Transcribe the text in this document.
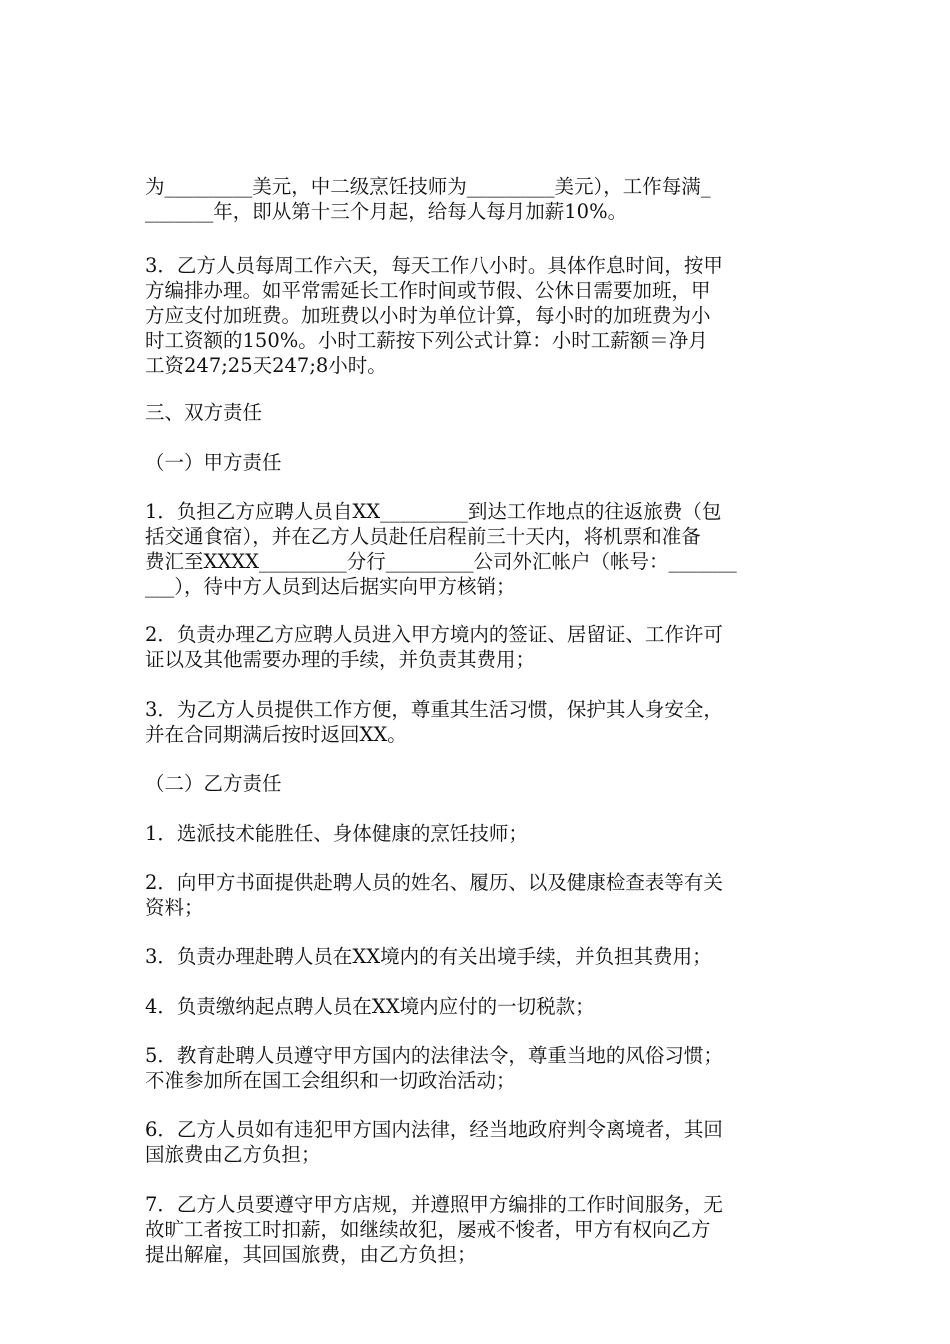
为_________美元，中二级烹饪技师为_________美元），工作每满_
_______年，即从第十三个月起，给每人每月加薪10%。

3．乙方人员每周工作六天，每天工作八小时。具体作息时间，按甲
方编排办理。如平常需延长工作时间或节假、公休日需要加班，甲
方应支付加班费。加班费以小时为单位计算，每小时的加班费为小
时工资额的150%。小时工薪按下列公式计算：小时工薪额＝净月
工资247;25天247;8小时。

三、双方责任

（一）甲方责任

1．负担乙方应聘人员自XX_________到达工作地点的往返旅费（包
括交通食宿），并在乙方人员赴任启程前三十天内，将机票和准备
费汇至XXXX_________分行_________公司外汇帐户（帐号：_______
___），待中方人员到达后据实向甲方核销；

2．负责办理乙方应聘人员进入甲方境内的签证、居留证、工作许可
证以及其他需要办理的手续，并负责其费用；

3．为乙方人员提供工作方便，尊重其生活习惯，保护其人身安全，
并在合同期满后按时返回XX。

（二）乙方责任

1．选派技术能胜任、身体健康的烹饪技师；

2．向甲方书面提供赴聘人员的姓名、履历、以及健康检查表等有关
资料；

3．负责办理赴聘人员在XX境内的有关出境手续，并负担其费用；

4．负责缴纳起点聘人员在XX境内应付的一切税款；

5．教育赴聘人员遵守甲方国内的法律法令，尊重当地的风俗习惯；
不准参加所在国工会组织和一切政治活动；

6．乙方人员如有违犯甲方国内法律，经当地政府判令离境者，其回
国旅费由乙方负担；

7．乙方人员要遵守甲方店规，并遵照甲方编排的工作时间服务，无
故旷工者按工时扣薪，如继续故犯，屡戒不悛者，甲方有权向乙方
提出解雇，其回国旅费，由乙方负担；
